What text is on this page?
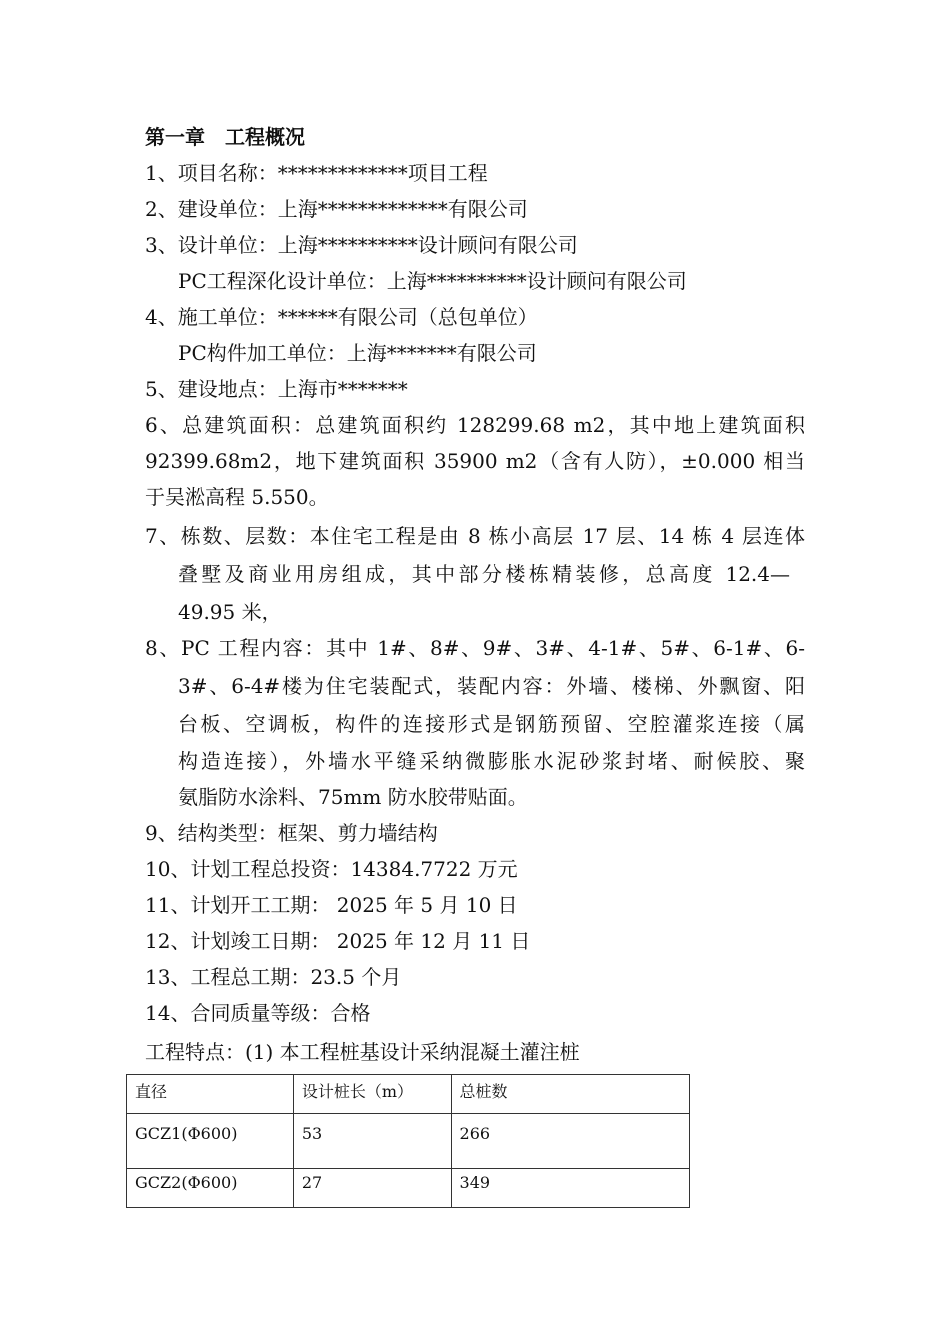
第一章　工程概况
1、项目名称：*************项目工程
2、建设单位：上海*************有限公司
3、设计单位：上海**********设计顾问有限公司
PC工程深化设计单位：上海**********设计顾问有限公司
4、施工单位：******有限公司（总包单位）
PC构件加工单位：上海*******有限公司
5、建设地点：上海市*******
6、总建筑面积：总建筑面积约 128299.68 m2，其中地上建筑面积
92399.68m2，地下建筑面积 35900 m2（含有人防），±0.000 相当
于吴淞高程 5.550。
7、栋数、层数：本住宅工程是由 8 栋小高层 17 层、14 栋 4 层连体
叠墅及商业用房组成，其中部分楼栋精装修，总高度 12.4—
49.95 米，
8、PC 工程内容：其中 1#、8#、9#、3#、4-1#、5#、6-1#、6-
3#、6-4#楼为住宅装配式，装配内容：外墙、楼梯、外飘窗、阳
台板、空调板，构件的连接形式是钢筋预留、空腔灌浆连接（属
构造连接），外墙水平缝采纳微膨胀水泥砂浆封堵、耐候胶、聚
氨脂防水涂料、75mm 防水胶带贴面。
9、结构类型：框架、剪力墙结构
10、计划工程总投资：14384.7722 万元
11、计划开工工期： 2025 年 5 月 10 日
12、计划竣工日期： 2025 年 12 月 11 日
13、工程总工期：23.5 个月
14、合同质量等级：合格
工程特点：(1) 本工程桩基设计采纳混凝土灌注桩
直径	设计桩长（m）	总桩数
GCZ1(Φ600)	53	266
GCZ2(Φ600)	27	349
